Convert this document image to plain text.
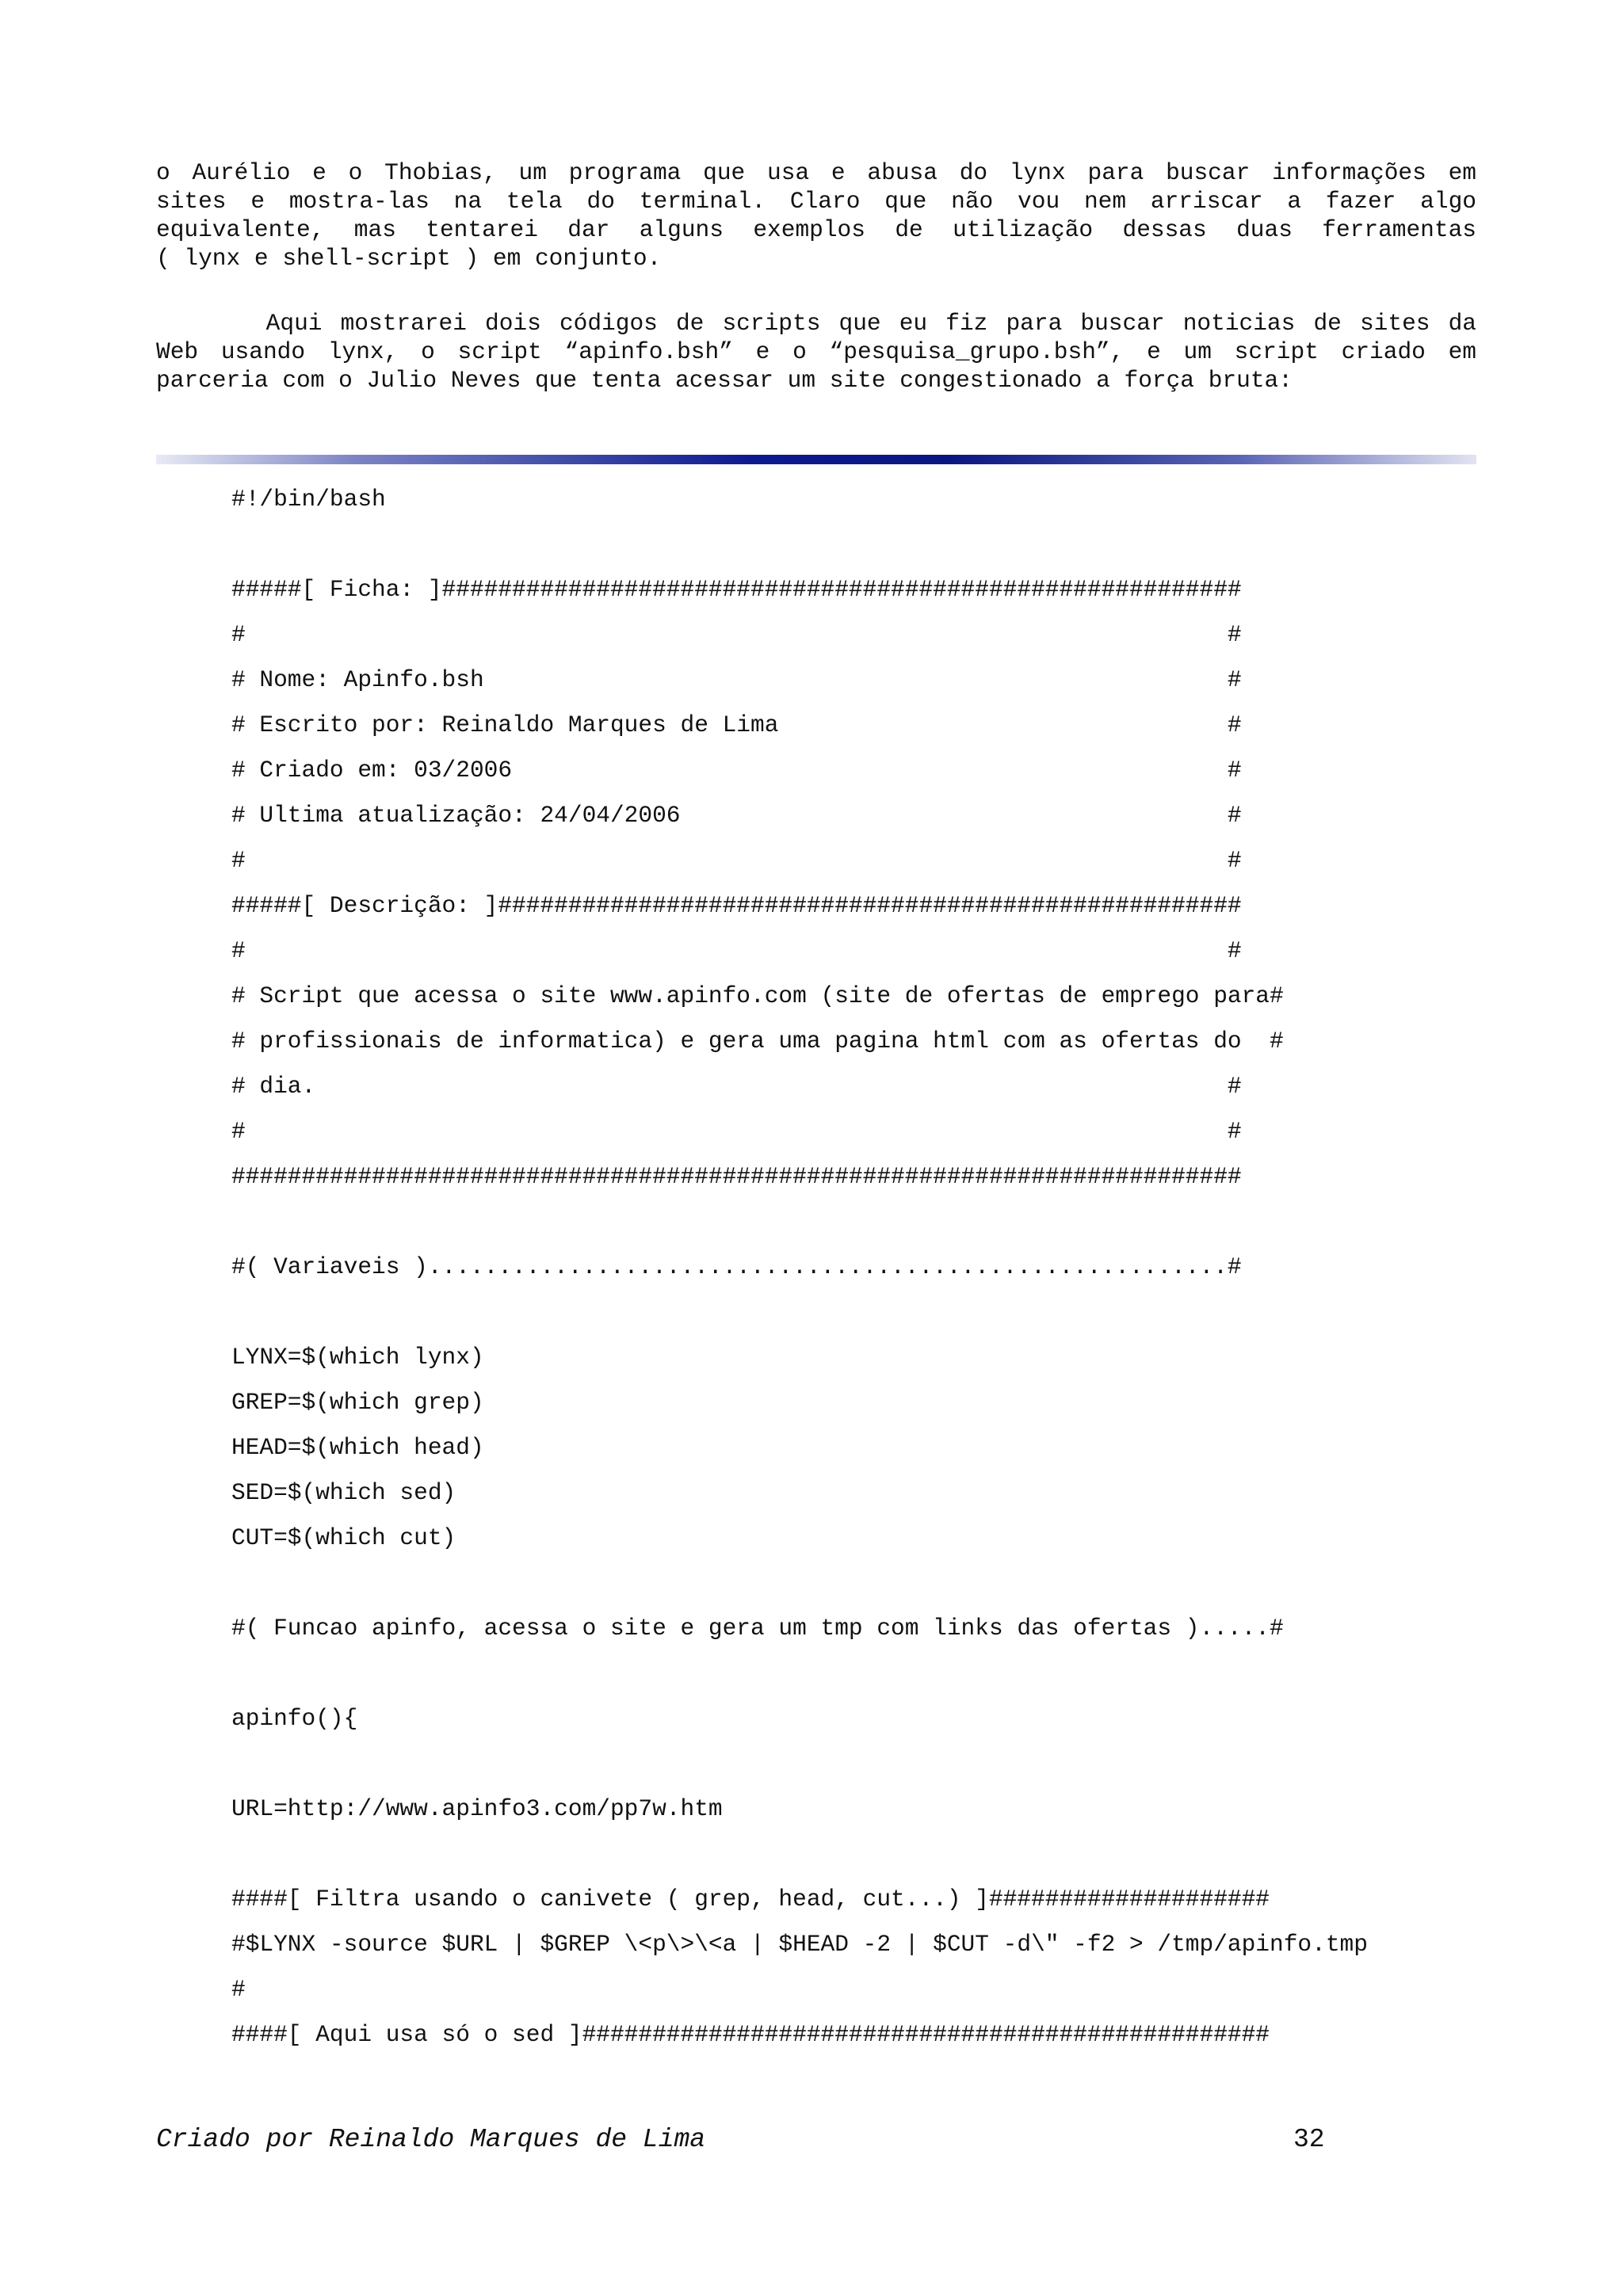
o Aurélio e o Thobias, um programa que usa e abusa do lynx para buscar informações em
sites e mostra-las na tela do terminal. Claro que não vou nem arriscar a fazer algo
equivalente, mas tentarei dar alguns exemplos de utilização dessas duas ferramentas
( lynx e shell-script ) em conjunto.

Aqui mostrarei dois códigos de scripts que eu fiz para buscar noticias de sites da
Web usando lynx, o script “apinfo.bsh” e o “pesquisa_grupo.bsh”, e um script criado em
parceria com o Julio Neves que tenta acessar um site congestionado a força bruta:

#!/bin/bash
#####[ Ficha: ]#########################################################
#                                                                      #
# Nome: Apinfo.bsh                                                     #
# Escrito por: Reinaldo Marques de Lima                                #
# Criado em: 03/2006                                                   #
# Ultima atualização: 24/04/2006                                       #
#                                                                      #
#####[ Descrição: ]#####################################################
#                                                                      #
# Script que acessa o site www.apinfo.com (site de ofertas de emprego para#
# profissionais de informatica) e gera uma pagina html com as ofertas do  #
# dia.                                                                 #
#                                                                      #
########################################################################
#( Variaveis ).........................................................#
LYNX=$(which lynx)
GREP=$(which grep)
HEAD=$(which head)
SED=$(which sed)
CUT=$(which cut)
#( Funcao apinfo, acessa o site e gera um tmp com links das ofertas ).....#
apinfo(){
URL=http://www.apinfo3.com/pp7w.htm
####[ Filtra usando o canivete ( grep, head, cut...) ]####################
#$LYNX -source $URL | $GREP \<p\>\<a | $HEAD -2 | $CUT -d\" -f2 > /tmp/apinfo.tmp
#
####[ Aqui usa só o sed ]#################################################
Criado por Reinaldo Marques de Lima	32
